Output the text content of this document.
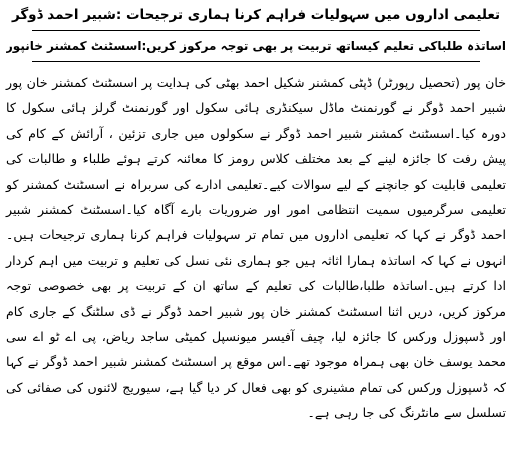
تعلیمی اداروں میں سہولیات فراہم کرنا ہماری ترجیحات :شبیر احمد ڈوگر
اساتذہ طلباکی تعلیم کیساتھ تربیت پر بھی توجہ مرکوز کریں:اسسٹنٹ کمشنر خانپور

خان پور (تحصیل رپورٹر) ڈپٹی کمشنر شکیل احمد بھٹی کی ہدایت پر اسسٹنٹ کمشنر خان پور شبیر احمد ڈوگر نے گورنمنٹ ماڈل سیکنڈری ہائی سکول اور گورنمنٹ گرلز ہائی سکول کا دورہ کیا۔اسسٹنٹ کمشنر شبیر احمد ڈوگر نے سکولوں میں جاری تزئین ، آرائش کے کام کی پیش رفت کا جائزہ لینے کے بعد مختلف کلاس رومز کا معائنہ کرتے ہوئے طلباء و طالبات کی تعلیمی قابلیت کو جانچنے کے لیے سوالات کیے۔تعلیمی ادارے کی سربراہ نے اسسٹنٹ کمشنر کو تعلیمی سرگرمیوں سمیت انتظامی امور اور ضروریات بارے آگاہ کیا۔اسسٹنٹ کمشنر شبیر احمد ڈوگر نے کہا کہ تعلیمی اداروں میں تمام تر سہولیات فراہم کرنا ہماری ترجیحات ہیں۔انہوں نے کہا کہ اساتذہ ہمارا اثاثہ ہیں جو ہماری نئی نسل کی تعلیم و تربیت میں اہم کردار ادا کرتے ہیں۔اساتذہ طلبا،طالبات کی تعلیم کے ساتھ ان کے تربیت پر بھی خصوصی توجہ مرکوز کریں، دریں اثنا اسسٹنٹ کمشنر خان پور شبیر احمد ڈوگر نے ڈی سلٹنگ کے جاری کام اور ڈسپوزل ورکس کا جائزہ لیا، چیف آفیسر میونسپل کمیٹی ساجد ریاض، پی اے ٹو اے سی محمد یوسف خان بھی ہمراہ موجود تھے۔اس موقع پر اسسٹنٹ کمشنر شبیر احمد ڈوگر نے کہا کہ ڈسپوزل ورکس کی تمام مشینری کو بھی فعال کر دیا گیا ہے، سیوریج لائنوں کی صفائی کی تسلسل سے مانٹرنگ کی جا رہی ہے۔
